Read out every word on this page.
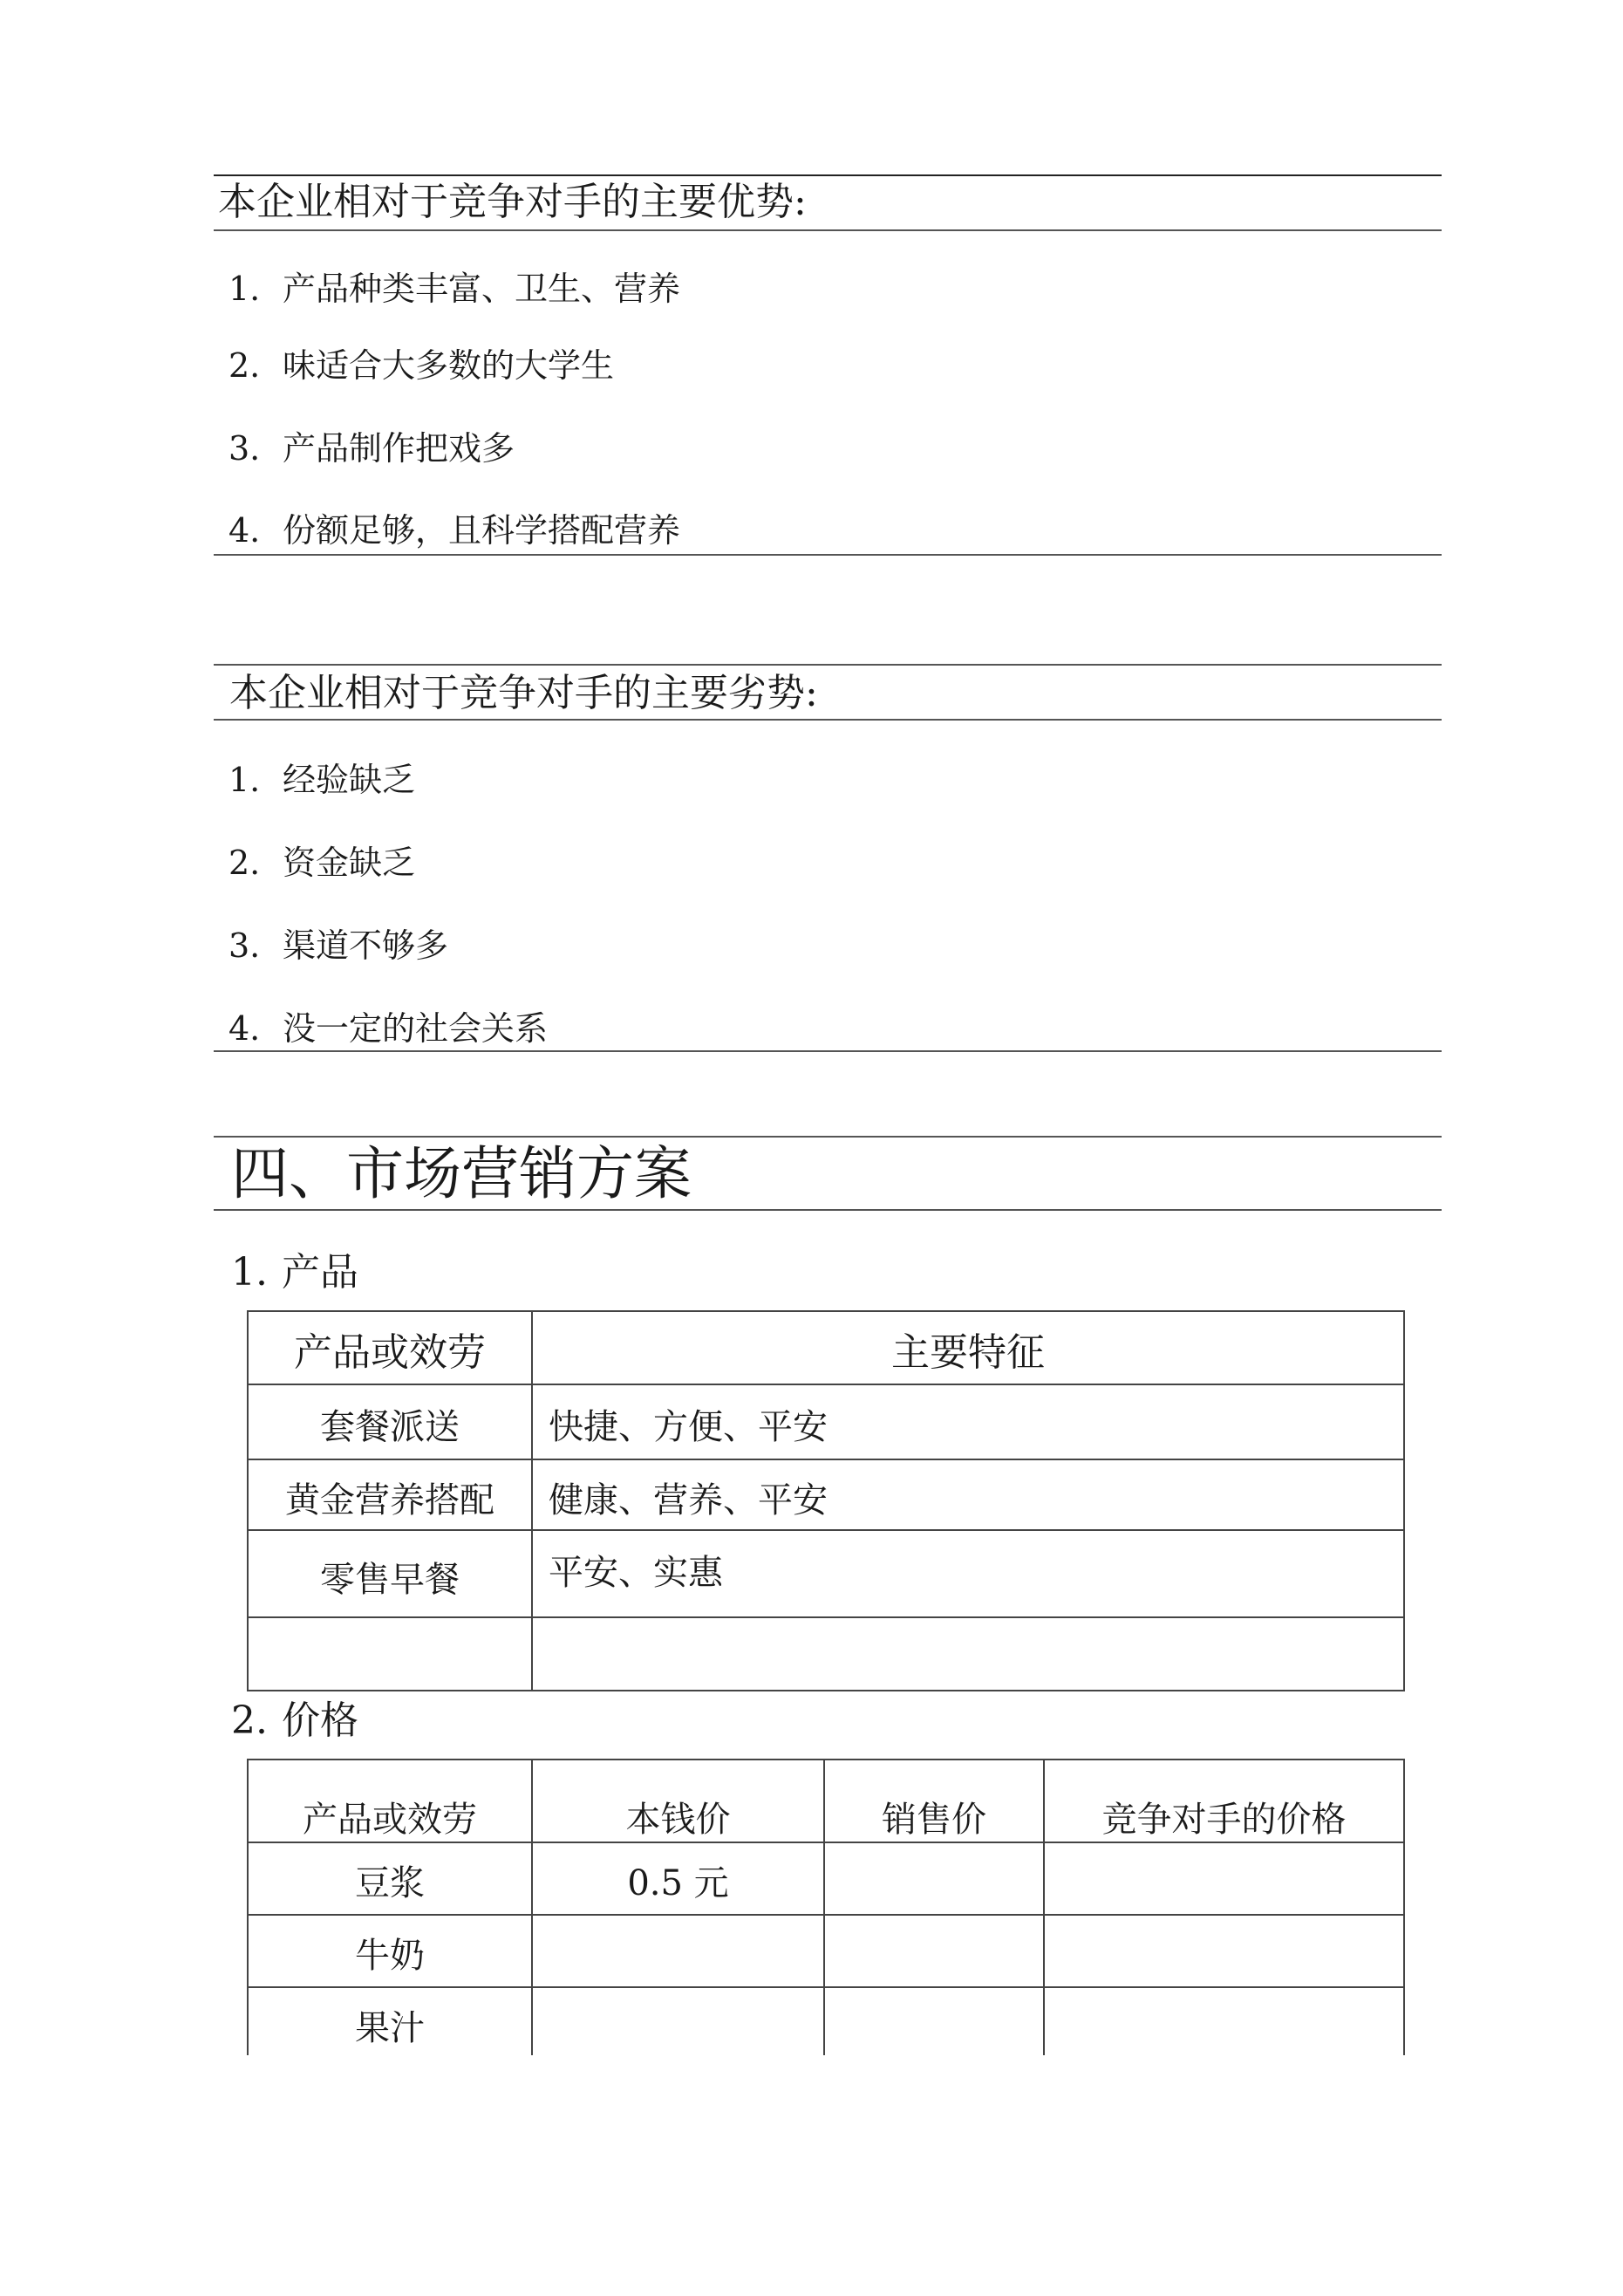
本企业相对于竞争对手的主要优势:
1. 产品种类丰富、卫生、营养
2. 味适合大多数的大学生
3. 产品制作把戏多
4. 份额足够，且科学搭配营养
本企业相对于竞争对手的主要劣势:
1. 经验缺乏
2. 资金缺乏
3. 渠道不够多
4. 没一定的社会关系
四、市场营销方案
1. 产品
产品或效劳	主要特征
套餐派送	快捷、方便、平安
黄金营养搭配	健康、营养、平安
零售早餐	平安、实惠

2. 价格
产品或效劳	本钱价	销售价	竞争对手的价格
豆浆	0.5 元		
牛奶			
果汁			
